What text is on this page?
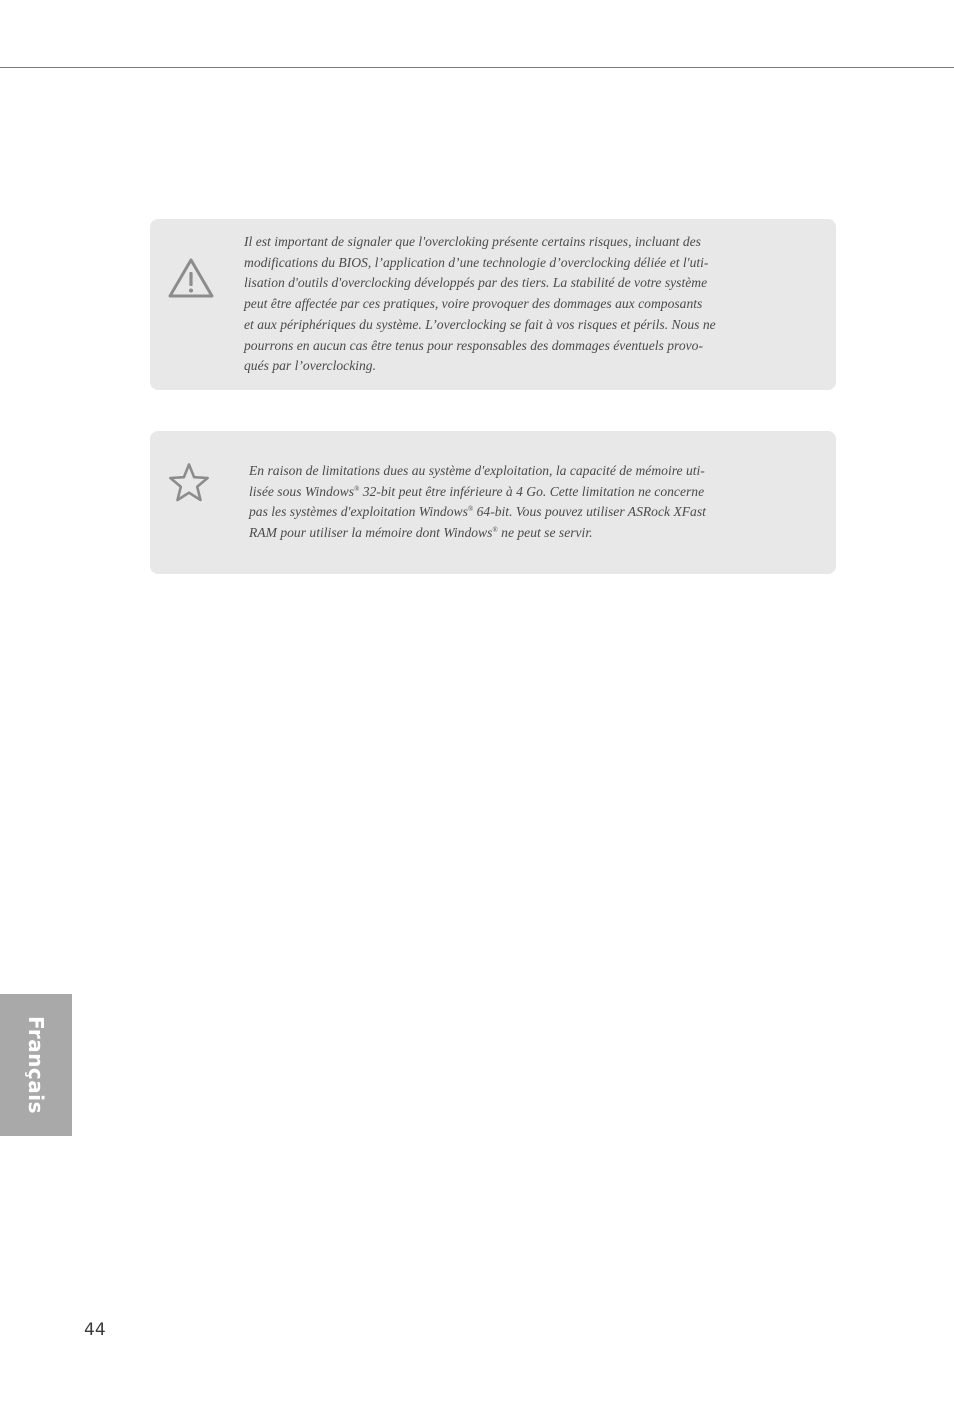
Il est important de signaler que l'overcloking présente certains risques, incluant des
modifications du BIOS, l’application d’une technologie d’overclocking déliée et l'uti-
lisation d'outils d'overclocking développés par des tiers. La stabilité de votre système
peut être affectée par ces pratiques, voire provoquer des dommages aux composants
et aux périphériques du système. L’overclocking se fait à vos risques et périls. Nous ne
pourrons en aucun cas être tenus pour responsables des dommages éventuels provo-
qués par l’overclocking.

En raison de limitations dues au système d'exploitation, la capacité de mémoire uti-
lisée sous Windows® 32-bit peut être inférieure à 4 Go. Cette limitation ne concerne
pas les systèmes d'exploitation Windows® 64-bit. Vous pouvez utiliser ASRock XFast
RAM pour utiliser la mémoire dont Windows® ne peut se servir.

Français
44
